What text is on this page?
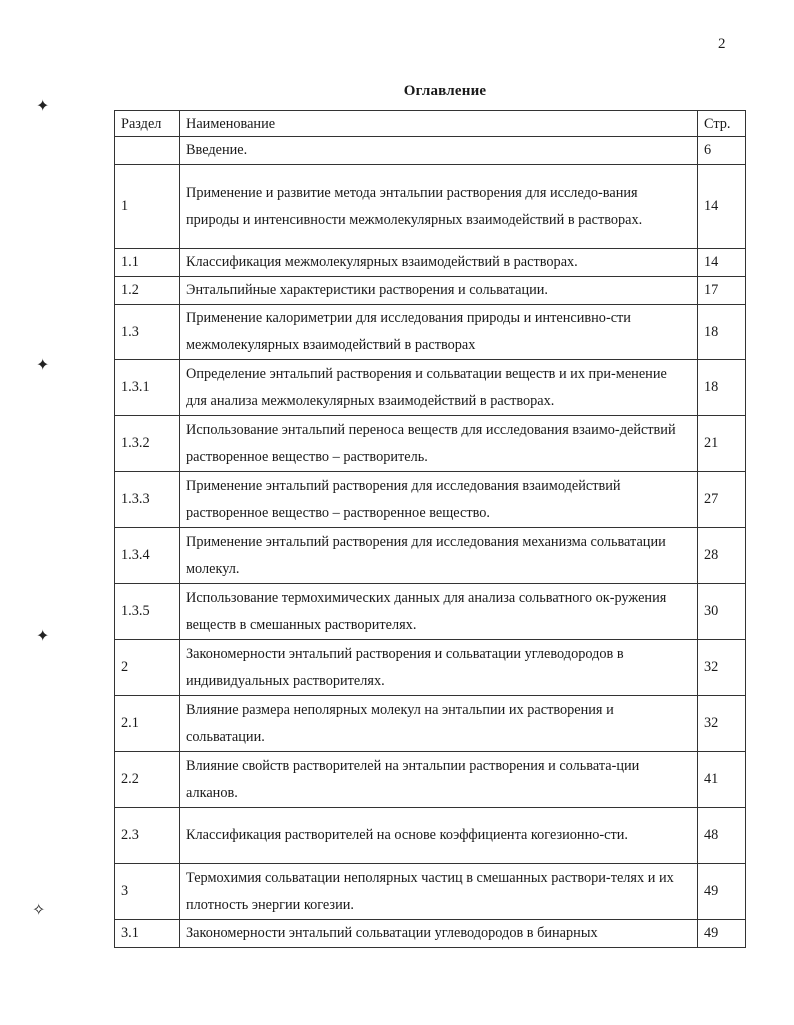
2
Оглавление
✦
✦
✦
✧
Раздел	Наименование	Стр.
	Введение.	6
1	Применение и развитие метода энтальпии растворения для исследо-вания природы и интенсивности межмолекулярных взаимодействий в растворах.	14
1.1	Классификация межмолекулярных взаимодействий в растворах.	14
1.2	Энтальпийные характеристики растворения и сольватации.	17
1.3	Применение калориметрии для исследования природы и интенсивно-сти межмолекулярных взаимодействий в растворах	18
1.3.1	Определение энтальпий растворения и сольватации веществ и их при-менение для анализа межмолекулярных взаимодействий в растворах.	18
1.3.2	Использование энтальпий переноса веществ для исследования взаимо-действий растворенное вещество – растворитель.	21
1.3.3	Применение энтальпий растворения для исследования взаимодействий растворенное вещество – растворенное вещество.	27
1.3.4	Применение энтальпий растворения для исследования механизма сольватации молекул.	28
1.3.5	Использование термохимических данных для анализа сольватного ок-ружения веществ в смешанных растворителях.	30
2	Закономерности энтальпий растворения и сольватации углеводородов в индивидуальных растворителях.	32
2.1	Влияние размера неполярных молекул на энтальпии их растворения и сольватации.	32
2.2	Влияние свойств растворителей на энтальпии растворения и сольвата-ции алканов.	41
2.3	Классификация растворителей на основе коэффициента когезионно-сти.	48
3	Термохимия сольватации неполярных частиц в смешанных раствори-телях и их плотность энергии когезии.	49
3.1	Закономерности энтальпий сольватации углеводородов в бинарных	49
